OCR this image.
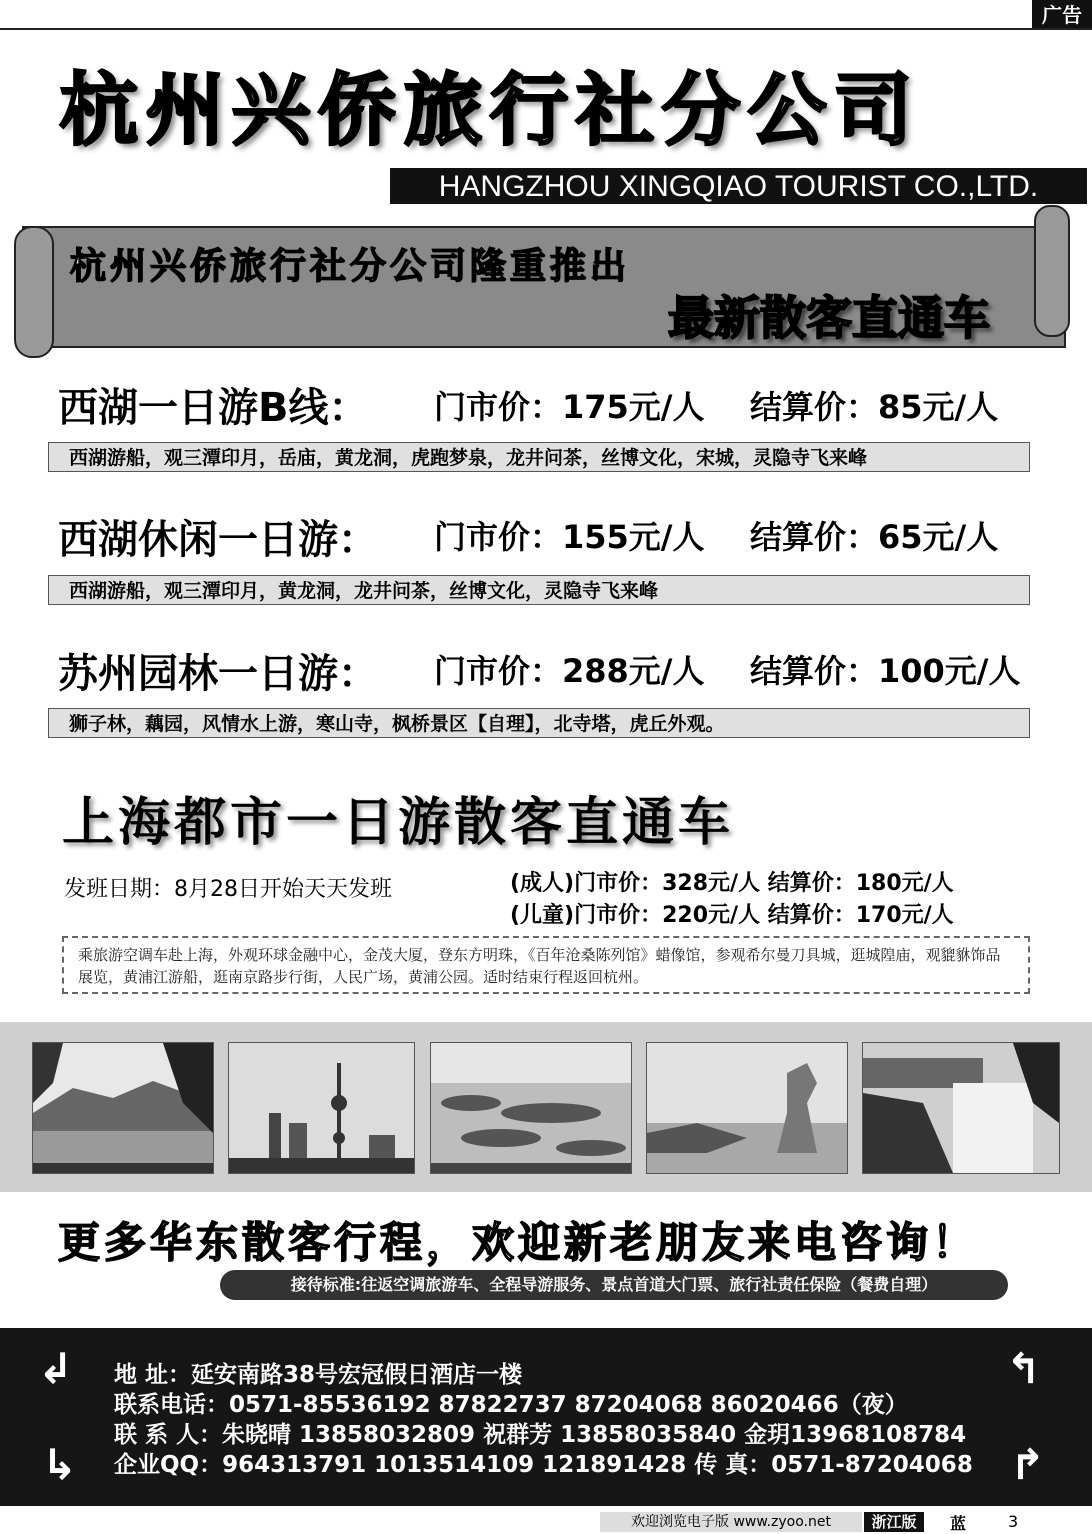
广告
杭州兴侨旅行社分公司
HANGZHOU XINGQIAO TOURIST CO.,LTD.
杭州兴侨旅行社分公司隆重推出
最新散客直通车
西湖一日游B线： 门市价：175元/人 结算价：85元/人
西湖游船，观三潭印月，岳庙，黄龙洞，虎跑梦泉，龙井问茶，丝博文化，宋城，灵隐寺飞来峰
西湖休闲一日游： 门市价：155元/人 结算价：65元/人
西湖游船，观三潭印月，黄龙洞，龙井问茶，丝博文化，灵隐寺飞来峰
苏州园林一日游： 门市价：288元/人 结算价：100元/人
狮子林，藕园，风情水上游，寒山寺，枫桥景区【自理】，北寺塔，虎丘外观。
上海都市一日游散客直通车
发班日期：8月28日开始天天发班	(成人)门市价：328元/人 结算价：180元/人
(儿童)门市价：220元/人 结算价：170元/人
乘旅游空调车赴上海，外观环球金融中心，金茂大厦，登东方明珠，《百年沧桑陈列馆》蜡像馆，参观希尔曼刀具城，逛城隍庙，观貔貅饰品展览，黄浦江游船，逛南京路步行街，人民广场，黄浦公园。适时结束行程返回杭州。
更多华东散客行程，欢迎新老朋友来电咨询！
接待标准:往返空调旅游车、全程导游服务、景点首道大门票、旅行社责任保险（餐费自理）
↲	↰
↳	↱
地 址：延安南路38号宏冠假日酒店一楼
联系电话：0571-85536192 87822737 87204068 86020466（夜）
联 系 人：朱晓晴 13858032809 祝群芳 13858035840 金玥13968108784
企业QQ：964313791 1013514109 121891428 传 真：0571-87204068
欢迎浏览电子版 www.zyoo.net	浙江版	蓝	3
